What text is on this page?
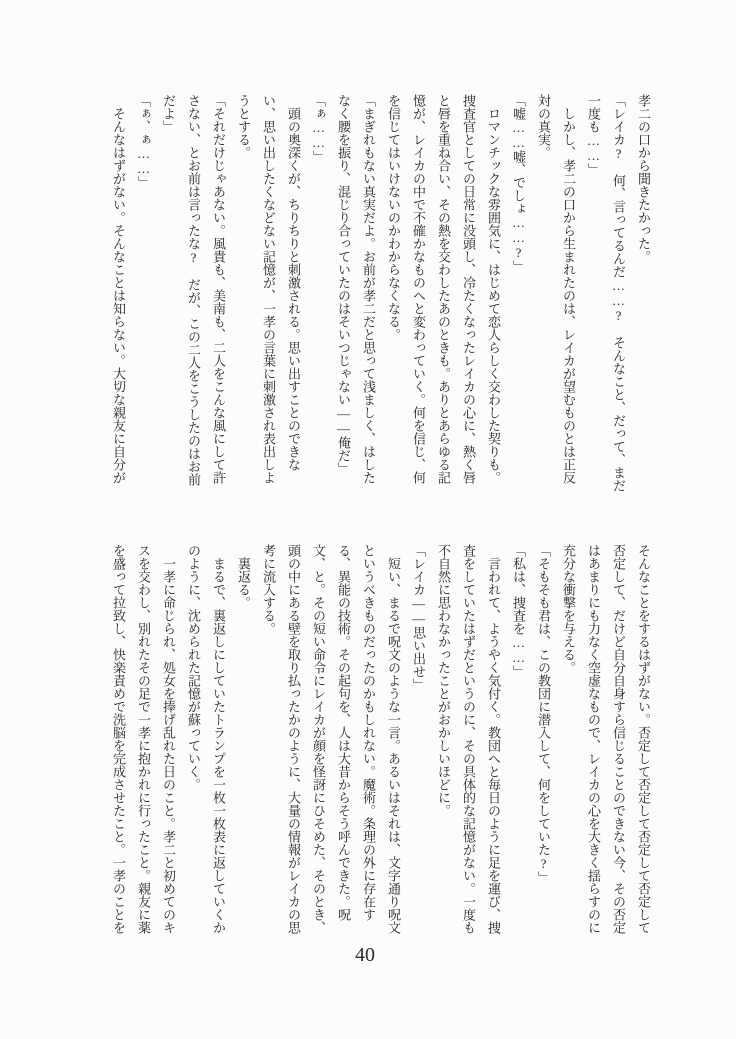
孝二の口から聞きたかった。
「レイカ?　何、言ってるんだ……?　そんなこと、だって、まだ
一度も……」
　しかし、孝二の口から生まれたのは、レイカが望むものとは正反
対の真実。
「嘘……嘘、でしょ……?」
　ロマンチックな雰囲気に、はじめて恋人らしく交わした契りも。
捜査官としての日常に没頭し、冷たくなったレイカの心に、熱く唇
と唇を重ね合い、その熱を交わしたあのときも。ありとあらゆる記
憶が、レイカの中で不確かなものへと変わっていく。何を信じ、何
を信じてはいけないのかわからなくなる。
「まぎれもない真実だよ。お前が孝二だと思って浅ましく、はした
なく腰を振り、混じり合っていたのはそいつじゃない――俺だ」
「ぁ……」
　頭の奥深くが、ちりちりと刺激される。思い出すことのできな
い、思い出したくなどない記憶が、一孝の言葉に刺激され表出しよ
うとする。
「それだけじゃあない。風貴も、美南も、二人をこんな風にして許
さない、とお前は言ったな?　だが、この二人をこうしたのはお前
だよ」
「ぁ、ぁ……」
　そんなはずがない。そんなことは知らない。大切な親友に自分が
そんなことをするはずがない。否定して否定して否定して否定して
否定して、だけど自分自身すら信じることのできない今、その否定
はあまりにも力なく空虚なもので、レイカの心を大きく揺らすのに
充分な衝撃を与える。
「そもそも君は、この教団に潜入して、何をしていた?」
「私は、捜査を……」
　言われて、ようやく気付く。教団へと毎日のように足を運び、捜
査をしていたはずだというのに、その具体的な記憶がない。一度も
不自然に思わなかったことがおかしいほどに。
「レイカ――思い出せ」
　短い、まるで呪文のような一言。あるいはそれは、文字通り呪文
というべきものだったのかもしれない。魔術。条理の外に存在す
る、異能の技術。その起句を、人は大昔からそう呼んできた。呪
文、と。その短い命令にレイカが顔を怪訝にひそめた、そのとき、
頭の中にある壁を取り払ったかのように、大量の情報がレイカの思
考に流入する。
　裏返る。
　まるで、裏返しにしていたトランプを一枚一枚表に返していくか
のように、沈められた記憶が蘇っていく。
　一孝に命じられ、処女を捧げ乱れた日のこと。孝二と初めてのキ
スを交わし、別れたその足で一孝に抱かれに行ったこと。親友に薬
を盛って拉致し、快楽責めで洗脳を完成させたこと。一孝のことを
40
